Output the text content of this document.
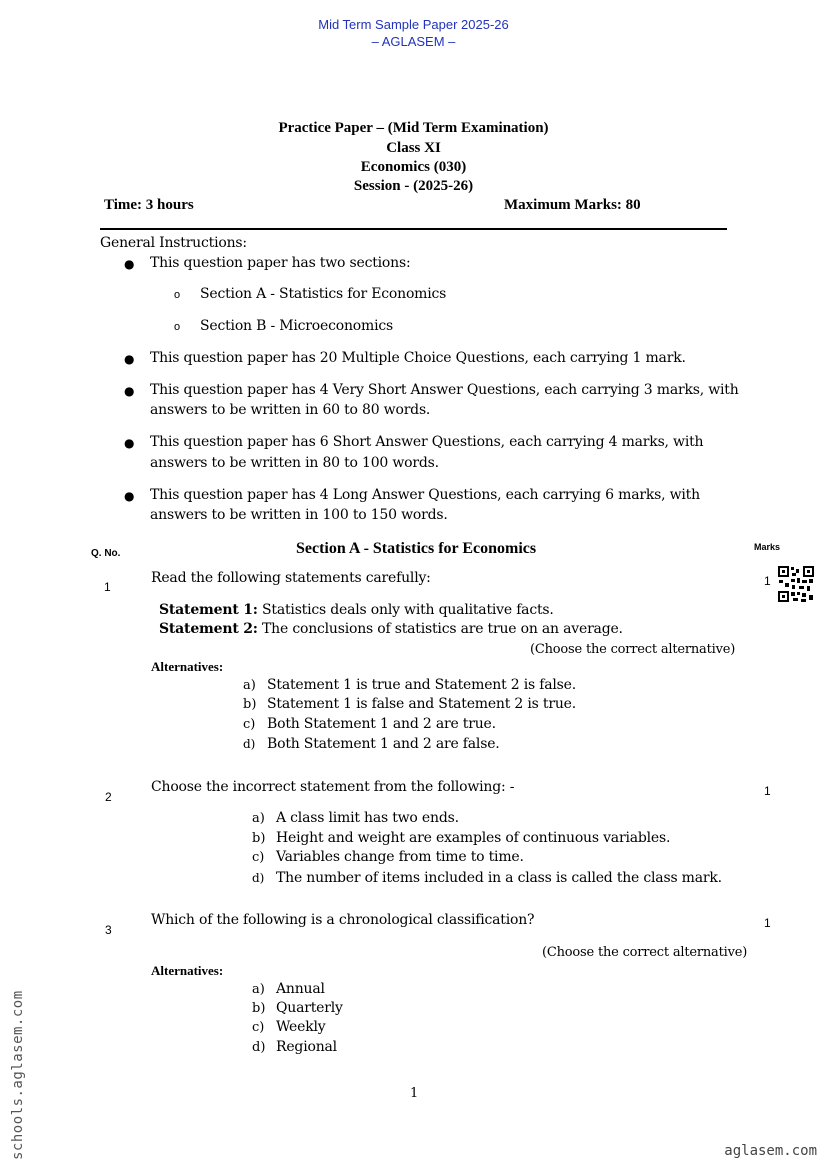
Mid Term Sample Paper 2025-26
– AGLASEM –
Practice Paper – (Mid Term Examination)
Class XI
Economics (030)
Session - (2025-26)
Time: 3 hours	Maximum Marks: 80
General Instructions:
● This question paper has two sections:
o Section A - Statistics for Economics
o Section B - Microeconomics
● This question paper has 20 Multiple Choice Questions, each carrying 1 mark.
● This question paper has 4 Very Short Answer Questions, each carrying 3 marks, with
answers to be written in 60 to 80 words.
● This question paper has 6 Short Answer Questions, each carrying 4 marks, with
answers to be written in 80 to 100 words.
● This question paper has 4 Long Answer Questions, each carrying 6 marks, with
answers to be written in 100 to 150 words.
Q. No.	Section A - Statistics for Economics	Marks
1
Read the following statements carefully:	1
Statement 1: Statistics deals only with qualitative facts.
Statement 2: The conclusions of statistics are true on an average.
(Choose the correct alternative)
Alternatives:
a) Statement 1 is true and Statement 2 is false.
b) Statement 1 is false and Statement 2 is true.
c) Both Statement 1 and 2 are true.
d) Both Statement 1 and 2 are false.
2
Choose the incorrect statement from the following: -	1
a) A class limit has two ends.
b) Height and weight are examples of continuous variables.
c) Variables change from time to time.
d) The number of items included in a class is called the class mark.
3
Which of the following is a chronological classification?	1
(Choose the correct alternative)
Alternatives:
a) Annual
b) Quarterly
c) Weekly
d) Regional
1
schools.aglasem.com	aglasem.com
